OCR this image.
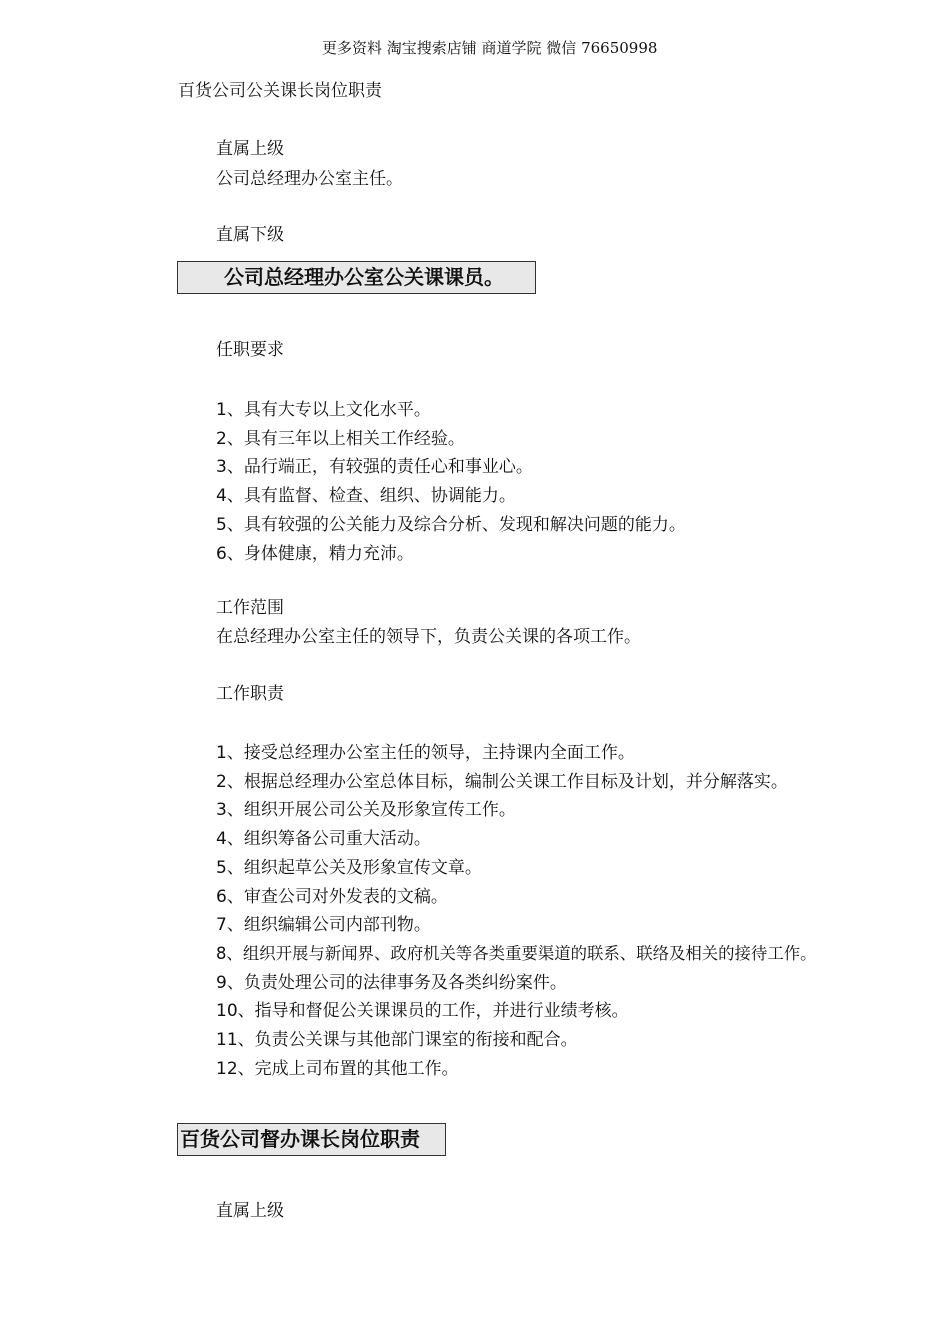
更多资料 淘宝搜索店铺 商道学院 微信 76650998
百货公司公关课长岗位职责
直属上级
公司总经理办公室主任。
直属下级
公司总经理办公室公关课课员。
任职要求
1、具有大专以上文化水平。
2、具有三年以上相关工作经验。
3、品行端正，有较强的责任心和事业心。
4、具有监督、检查、组织、协调能力。
5、具有较强的公关能力及综合分析、发现和解决问题的能力。
6、身体健康，精力充沛。
工作范围
在总经理办公室主任的领导下，负责公关课的各项工作。
工作职责
1、接受总经理办公室主任的领导，主持课内全面工作。
2、根据总经理办公室总体目标，编制公关课工作目标及计划，并分解落实。
3、组织开展公司公关及形象宣传工作。
4、组织筹备公司重大活动。
5、组织起草公关及形象宣传文章。
6、审查公司对外发表的文稿。
7、组织编辑公司内部刊物。
8、组织开展与新闻界、政府机关等各类重要渠道的联系、联络及相关的接待工作。
9、负责处理公司的法律事务及各类纠纷案件。
10、指导和督促公关课课员的工作，并进行业绩考核。
11、负责公关课与其他部门课室的衔接和配合。
12、完成上司布置的其他工作。
百货公司督办课长岗位职责
直属上级
